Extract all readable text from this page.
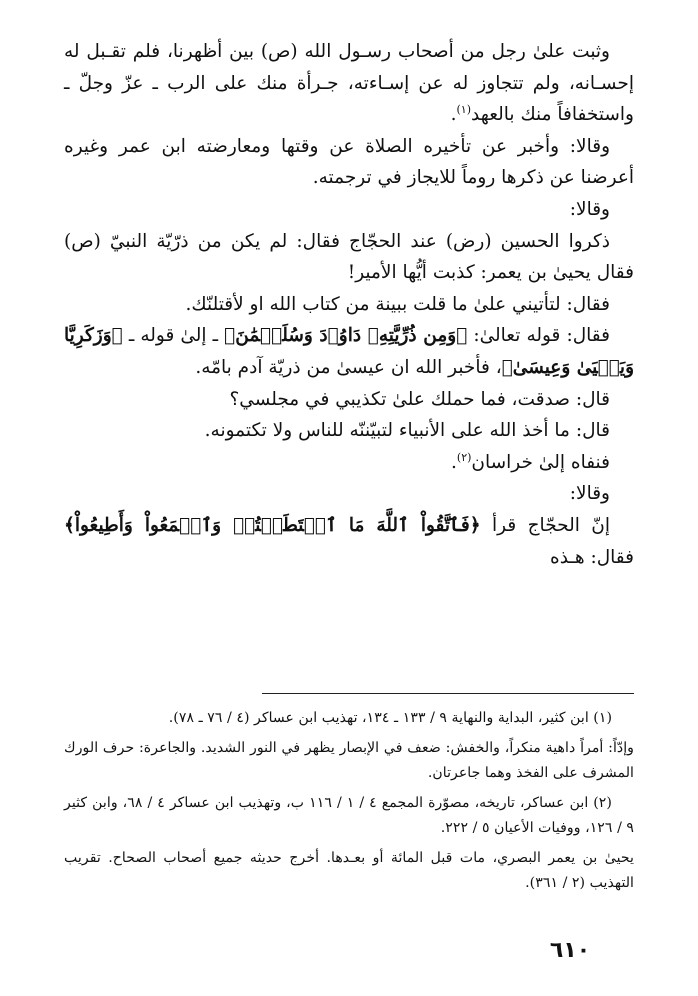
وثبت علىٰ رجل من أصحاب رسـول الله (ص) بين أظهرنا، فلم تقـبل له إحسـانه، ولم تتجاوز له عن إسـاءته، جـرأة منك على الرب ـ عزّ وجلّ ـ واستخفافاً منك بالعهد$^{(١)}$.

وقالا: وأخبر عن تأخيره الصلاة عن وقتها ومعارضته ابن عمر وغيره أعرضنا عن ذكرها روماً للايجاز في ترجمته.

وقالا:

ذكروا الحسين (رض) عند الحجّاج فقال: لم يكن من ذرّيّة النبيّ (ص) فقال يحيىٰ بن يعمر: كذبت أيُّها الأمير!

فقال: لتأتيني علىٰ ما قلت ببينة من كتاب الله او لأقتلنّك.

فقال: قوله تعالىٰ: ﴿وَمِن ذُرِّيَّتِهِۦ دَاوُۥدَ وَسُلَيۡمَٰنَ﴾ ـ إلىٰ قوله ـ ﴿وَزَكَرِيَّا وَيَحۡيَىٰ وَعِيسَىٰ﴾، فأخبر الله ان عيسىٰ من ذريّة آدم بامّه.

قال: صدقت، فما حملك علىٰ تكذيبي في مجلسي؟

قال: ما أخذ الله على الأنبياء لتبيّننّه للناس ولا تكتمونه.

فنفاه إلىٰ خراسان$^{(٢)}$.

وقالا:

إنّ الحجّاج قرأ ﴿فَٱتَّقُواْ ٱللَّهَ مَا ٱسۡتَطَعۡتُمۡ وَٱسۡمَعُواْ وَأَطِيعُواْ﴾ فقال: هـذه

(١) ابن كثير، البداية والنهاية ٩ / ١٣٣ ـ ١٣٤، تهذيب ابن عساكر (٤ / ٧٦ ـ ٧٨).

وإدّاً: أمراً داهية منكراً، والخفش: ضعف في الإبصار يظهر في النور الشديد. والجاعرة: حرف الورك المشرف على الفخذ وهما جاعرتان.

(٢) ابن عساكر، تاريخه، مصوّرة المجمع ٤ / ١ / ١١٦ ب، وتهذيب ابن عساكر ٤ / ٦٨، وابن كثير ٩ / ١٢٦، ووفيات الأعيان ٥ / ٢٢٢.

يحيىٰ بن يعمر البصري، مات قبل المائة أو بعـدها. أخرج حديثه جميع أصحاب الصحاح. تقريب التهذيب (٢ / ٣٦١).

٦١٠
